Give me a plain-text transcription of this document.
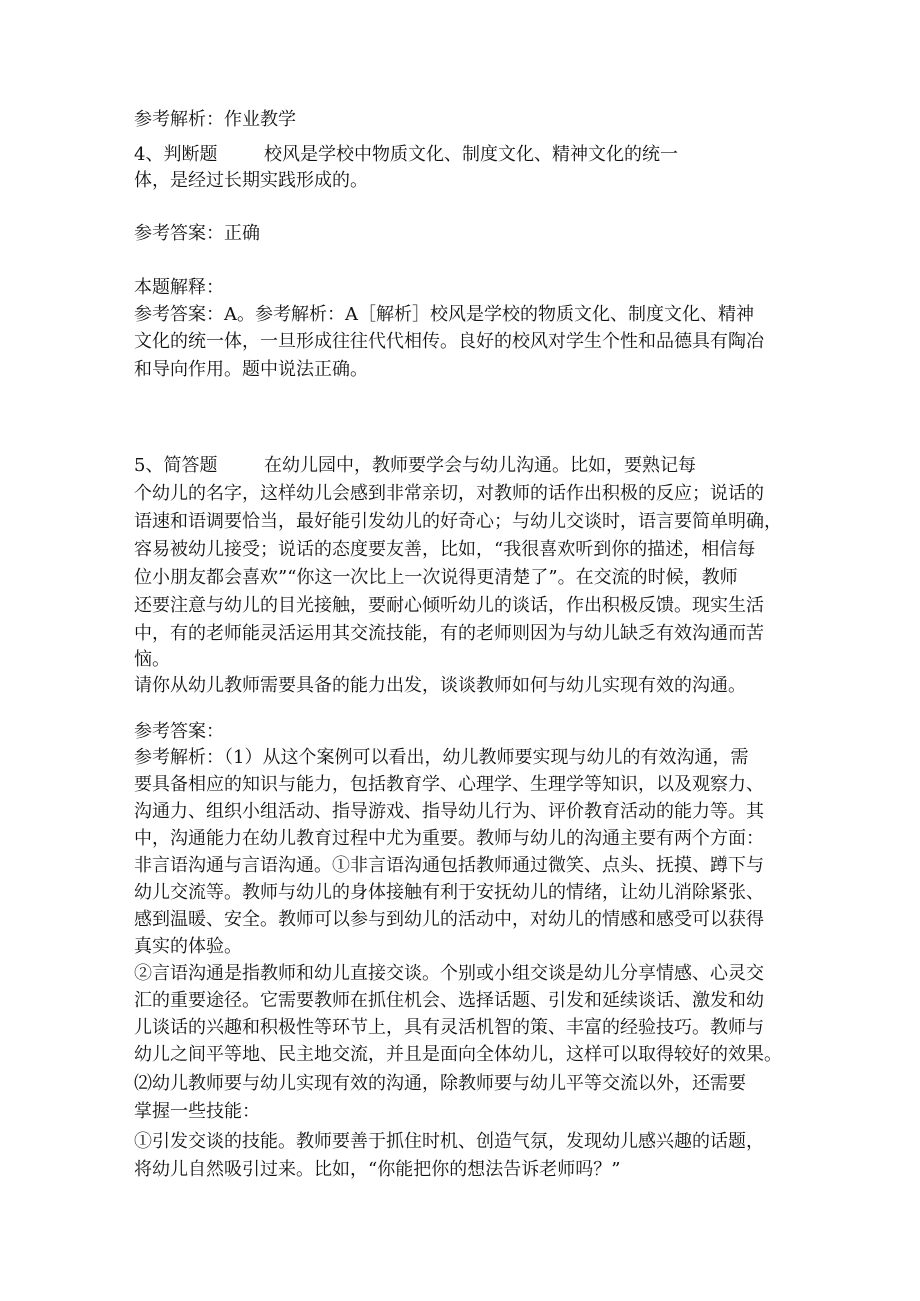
参考解析：作业教学
4、判断题	校风是学校中物质文化、制度文化、精神文化的统一
体，是经过长期实践形成的。
参考答案：正确
本题解释：
参考答案：A。参考解析：A［解析］校风是学校的物质文化、制度文化、精神
文化的统一体，一旦形成往往代代相传。良好的校风对学生个性和品德具有陶冶
和导向作用。题中说法正确。
5、简答题	在幼儿园中，教师要学会与幼儿沟通。比如，要熟记每
个幼儿的名字，这样幼儿会感到非常亲切，对教师的话作出积极的反应；说话的
语速和语调要恰当，最好能引发幼儿的好奇心；与幼儿交谈时，语言要简单明确，
容易被幼儿接受；说话的态度要友善，比如，“我很喜欢听到你的描述，相信每
位小朋友都会喜欢”“你这一次比上一次说得更清楚了”。在交流的时候，教师
还要注意与幼儿的目光接触，要耐心倾听幼儿的谈话，作出积极反馈。现实生活
中，有的老师能灵活运用其交流技能，有的老师则因为与幼儿缺乏有效沟通而苦
恼。
请你从幼儿教师需要具备的能力出发，谈谈教师如何与幼儿实现有效的沟通。
参考答案：
参考解析：（1）从这个案例可以看出，幼儿教师要实现与幼儿的有效沟通，需
要具备相应的知识与能力，包括教育学、心理学、生理学等知识，以及观察力、
沟通力、组织小组活动、指导游戏、指导幼儿行为、评价教育活动的能力等。其
中，沟通能力在幼儿教育过程中尤为重要。教师与幼儿的沟通主要有两个方面：
非言语沟通与言语沟通。①非言语沟通包括教师通过微笑、点头、抚摸、蹲下与
幼儿交流等。教师与幼儿的身体接触有利于安抚幼儿的情绪，让幼儿消除紧张、
感到温暖、安全。教师可以参与到幼儿的活动中，对幼儿的情感和感受可以获得
真实的体验。
②言语沟通是指教师和幼儿直接交谈。个别或小组交谈是幼儿分享情感、心灵交
汇的重要途径。它需要教师在抓住机会、选择话题、引发和延续谈话、激发和幼
儿谈话的兴趣和积极性等环节上，具有灵活机智的策、丰富的经验技巧。教师与
幼儿之间平等地、民主地交流，并且是面向全体幼儿，这样可以取得较好的效果。
⑵幼儿教师要与幼儿实现有效的沟通，除教师要与幼儿平等交流以外，还需要
掌握一些技能：
①引发交谈的技能。教师要善于抓住时机、创造气氛，发现幼儿感兴趣的话题，
将幼儿自然吸引过来。比如，“你能把你的想法告诉老师吗？”
